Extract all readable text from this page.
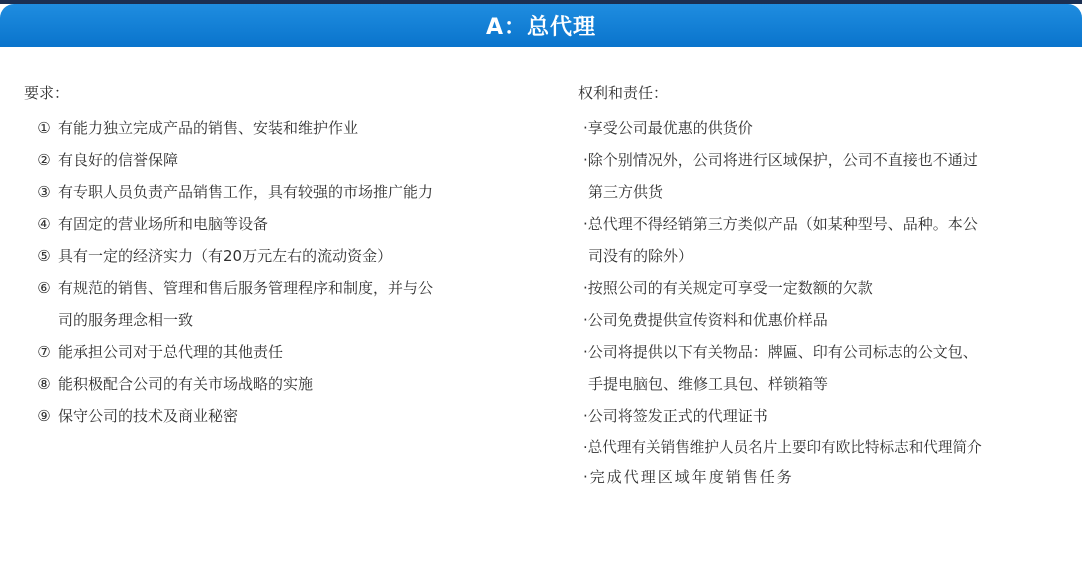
A：总代理
要求：
① 有能力独立完成产品的销售、安装和维护作业
② 有良好的信誉保障
③ 有专职人员负责产品销售工作，具有较强的市场推广能力
④ 有固定的营业场所和电脑等设备
⑤ 具有一定的经济实力（有20万元左右的流动资金）
⑥ 有规范的销售、管理和售后服务管理程序和制度，并与公
司的服务理念相一致
⑦ 能承担公司对于总代理的其他责任
⑧ 能积极配合公司的有关市场战略的实施
⑨ 保守公司的技术及商业秘密
权利和责任：
·享受公司最优惠的供货价
·除个别情况外，公司将进行区域保护，公司不直接也不通过
第三方供货
·总代理不得经销第三方类似产品（如某种型号、品种。本公
司没有的除外）
·按照公司的有关规定可享受一定数额的欠款
·公司免费提供宣传资料和优惠价样品
·公司将提供以下有关物品：牌匾、印有公司标志的公文包、
手提电脑包、维修工具包、样锁箱等
·公司将签发正式的代理证书
·总代理有关销售维护人员名片上要印有欧比特标志和代理简介
·完成代理区域年度销售任务
